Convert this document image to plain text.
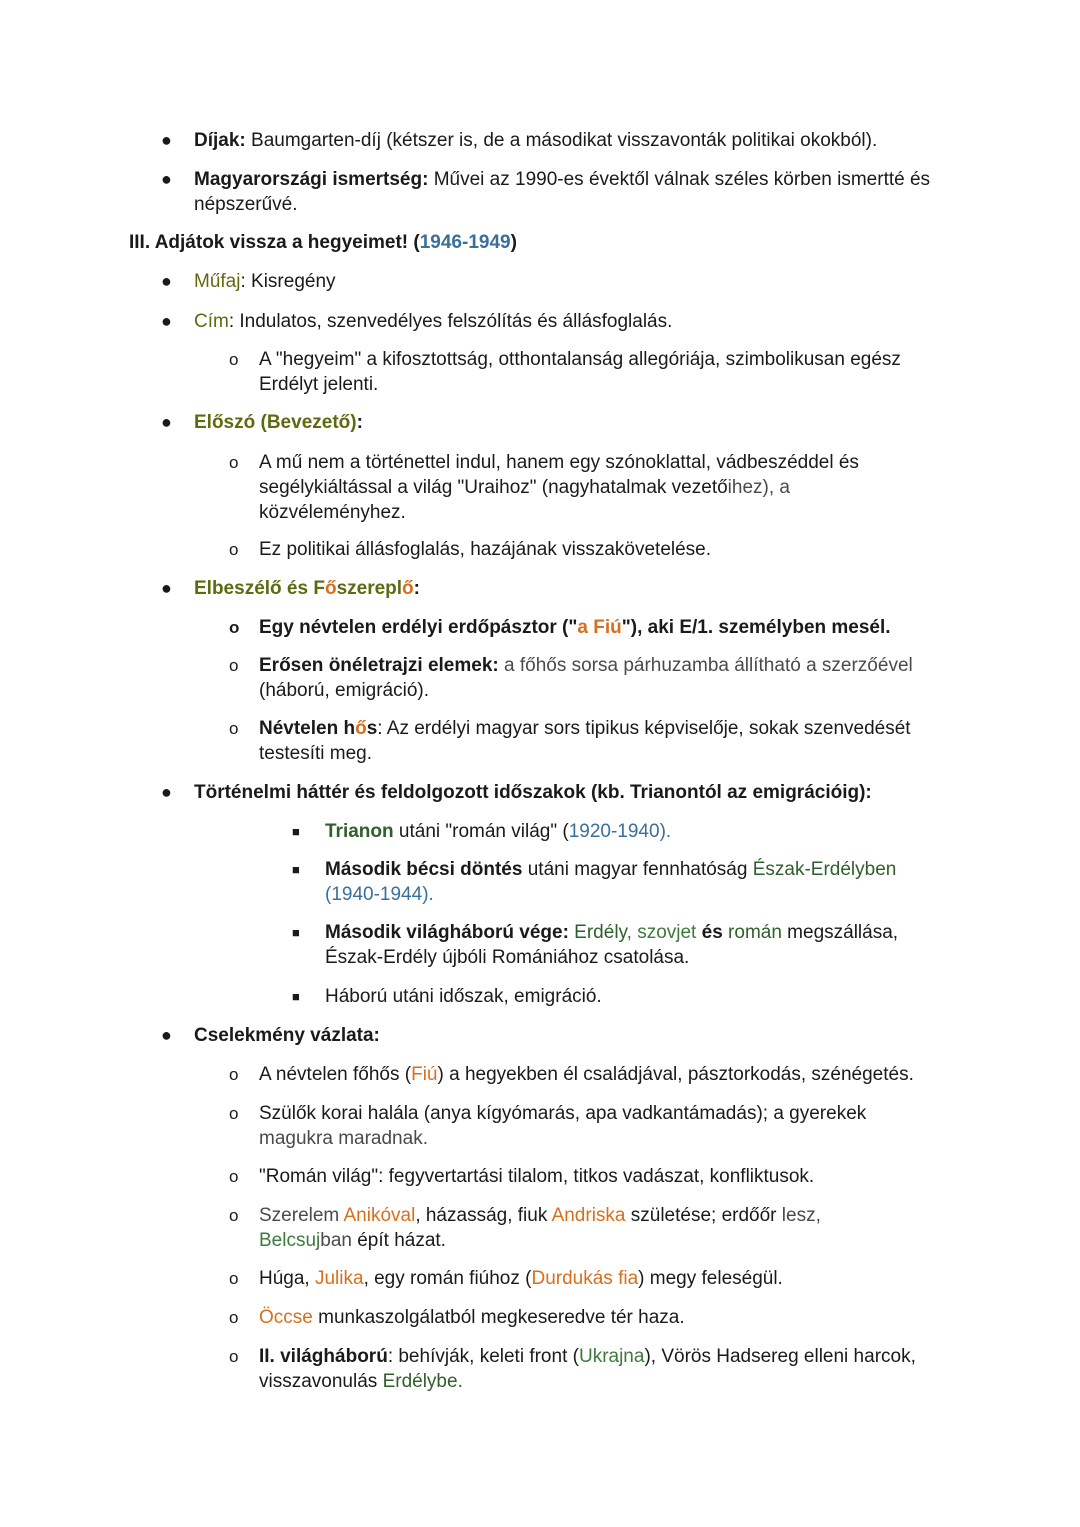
● Díjak: Baumgarten-díj (kétszer is, de a másodikat visszavonták politikai okokból).
● Magyarországi ismertség: Művei az 1990-es évektől válnak széles körben ismertté és népszerűvé.
III. Adjátok vissza a hegyeimet! (1946-1949)
● Műfaj: Kisregény
● Cím: Indulatos, szenvedélyes felszólítás és állásfoglalás.
o A "hegyeim" a kifosztottság, otthontalanság allegóriája, szimbolikusan egész Erdélyt jelenti.
● Előszó (Bevezető):
o A mű nem a történettel indul, hanem egy szónoklattal, vádbeszéddel és segélykiáltással a világ "Uraihoz" (nagyhatalmak vezetőihez), a közvéleményhez.
o Ez politikai állásfoglalás, hazájának visszakövetelése.
● Elbeszélő és Főszereplő:
o Egy névtelen erdélyi erdőpásztor ("a Fiú"), aki E/1. személyben mesél.
o Erősen önéletrajzi elemek: a főhős sorsa párhuzamba állítható a szerzőével (háború, emigráció).
o Névtelen hős: Az erdélyi magyar sors tipikus képviselője, sokak szenvedését testesíti meg.
● Történelmi háttér és feldolgozott időszakok (kb. Trianontól az emigrációig):
■ Trianon utáni "román világ" (1920-1940).
■ Második bécsi döntés utáni magyar fennhatóság Észak-Erdélyben
(1940-1944).
■ Második világháború vége: Erdély, szovjet és román megszállása,
Észak-Erdély újbóli Romániához csatolása.
■ Háború utáni időszak, emigráció.
● Cselekmény vázlata:
o A névtelen főhős (Fiú) a hegyekben él családjával, pásztorkodás, szénégetés.
o Szülők korai halála (anya kígyómarás, apa vadkantámadás); a gyerekek
magukra maradnak.
o "Román világ": fegyvertartási tilalom, titkos vadászat, konfliktusok.
o Szerelem Anikóval, házasság, fiuk Andriska születése; erdőőr lesz,
Belcsujban épít házat.
o Húga, Julika, egy román fiúhoz (Durdukás fia) megy feleségül.
o Öccse munkaszolgálatból megkeseredve tér haza.
o II. világháború: behívják, keleti front (Ukrajna), Vörös Hadsereg elleni harcok,
visszavonulás Erdélybe.
